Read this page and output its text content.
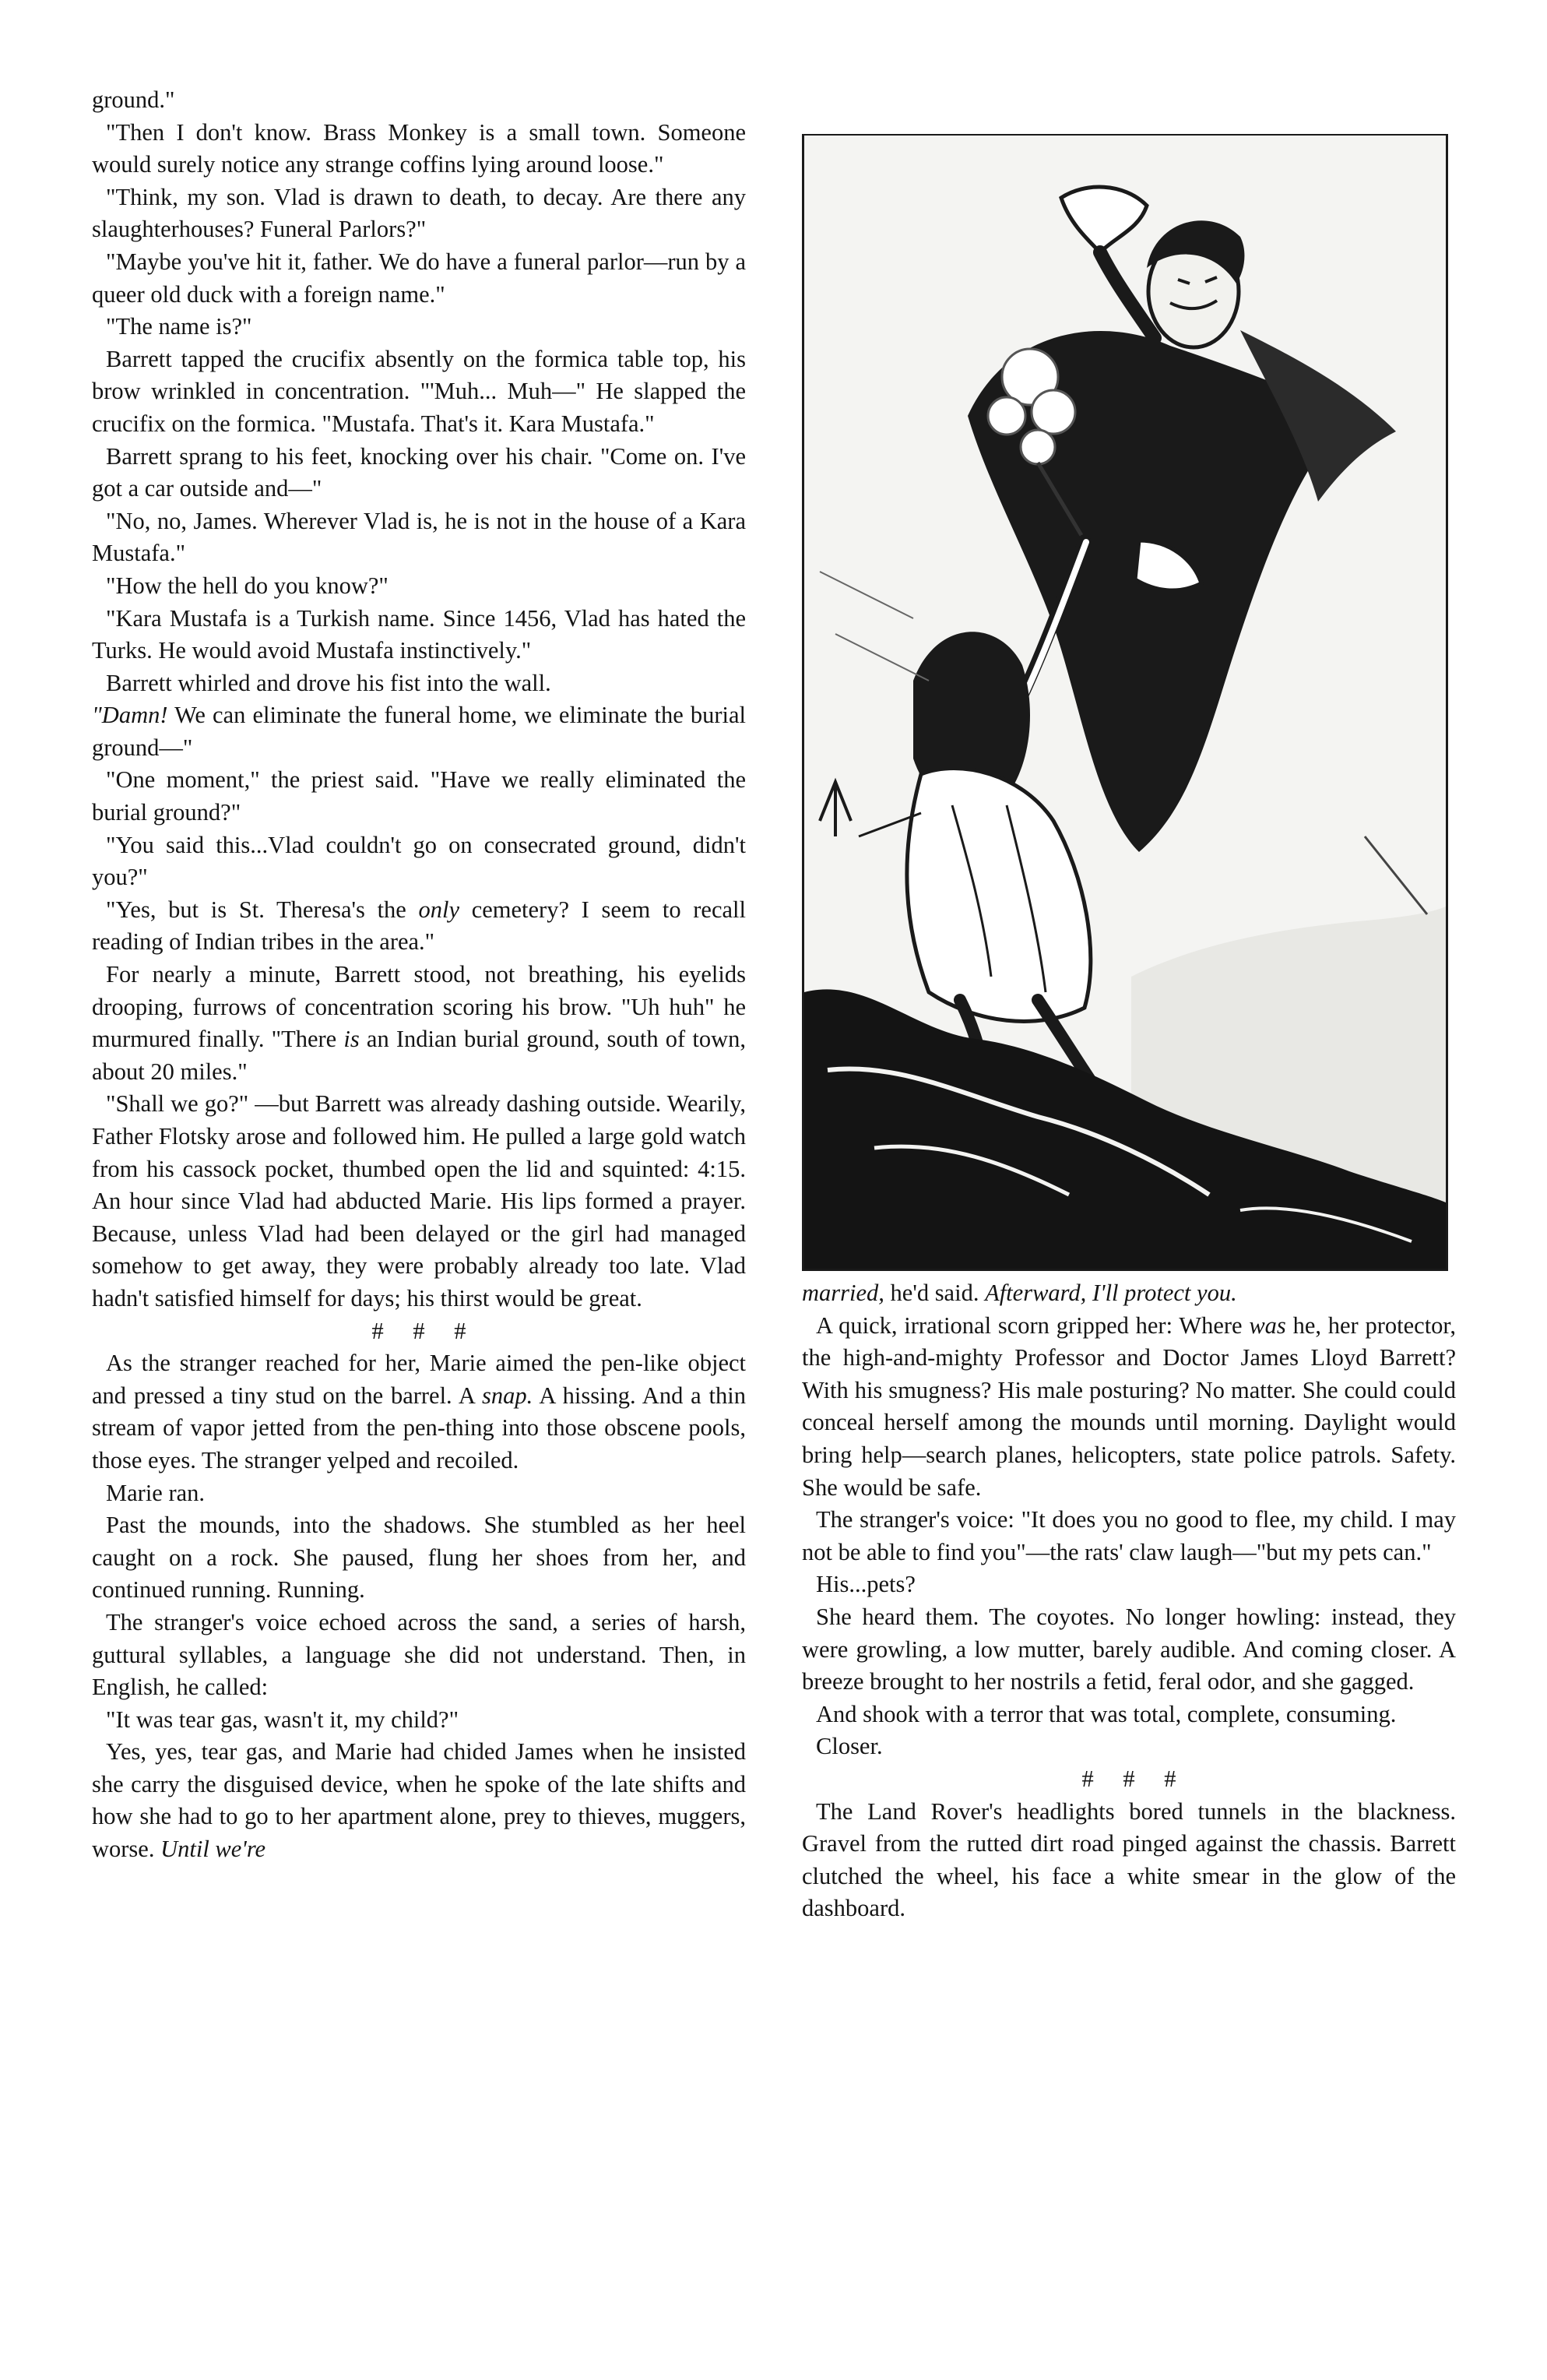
ground."

"Then I don't know. Brass Monkey is a small town. Someone would surely notice any strange coffins lying around loose."

"Think, my son. Vlad is drawn to death, to decay. Are there any slaughterhouses? Funeral Parlors?"

"Maybe you've hit it, father. We do have a funeral parlor—run by a queer old duck with a foreign name."

"The name is?"

Barrett tapped the crucifix absently on the formica table top, his brow wrinkled in concentration. "'Muh... Muh—" He slapped the crucifix on the formica. "Mustafa. That's it. Kara Mustafa."

Barrett sprang to his feet, knocking over his chair. "Come on. I've got a car outside and—"

"No, no, James. Wherever Vlad is, he is not in the house of a Kara Mustafa."

"How the hell do you know?"

"Kara Mustafa is a Turkish name. Since 1456, Vlad has hated the Turks. He would avoid Mustafa instinctively."

Barrett whirled and drove his fist into the wall.

"Damn! We can eliminate the funeral home, we eliminate the burial ground—"

"One moment," the priest said. "Have we really eliminated the burial ground?"

"You said this...Vlad couldn't go on consecrated ground, didn't you?"

"Yes, but is St. Theresa's the only cemetery? I seem to recall reading of Indian tribes in the area."

For nearly a minute, Barrett stood, not breathing, his eyelids drooping, furrows of concentration scoring his brow. "Uh huh" he murmured finally. "There is an Indian burial ground, south of town, about 20 miles."

"Shall we go?" —but Barrett was already dashing outside. Wearily, Father Flotsky arose and followed him. He pulled a large gold watch from his cassock pocket, thumbed open the lid and squinted: 4:15. An hour since Vlad had abducted Marie. His lips formed a prayer. Because, unless Vlad had been delayed or the girl had managed somehow to get away, they were probably already too late. Vlad hadn't satisfied himself for days; his thirst would be great.

# # #

As the stranger reached for her, Marie aimed the pen-like object and pressed a tiny stud on the barrel. A snap. A hissing. And a thin stream of vapor jetted from the pen-thing into those obscene pools, those eyes. The stranger yelped and recoiled.

Marie ran.

Past the mounds, into the shadows. She stumbled as her heel caught on a rock. She paused, flung her shoes from her, and continued running. Running.

The stranger's voice echoed across the sand, a series of harsh, guttural syllables, a language she did not understand. Then, in English, he called:

"It was tear gas, wasn't it, my child?"

Yes, yes, tear gas, and Marie had chided James when he insisted she carry the disguised device, when he spoke of the late shifts and how she had to go to her apartment alone, prey to thieves, muggers, worse. Until we're

married, he'd said. Afterward, I'll protect you.

A quick, irrational scorn gripped her: Where was he, her protector, the high-and-mighty Professor and Doctor James Lloyd Barrett? With his smugness? His male posturing? No matter. She could could conceal herself among the mounds until morning. Daylight would bring help—search planes, helicopters, state police patrols. Safety. She would be safe.

The stranger's voice: "It does you no good to flee, my child. I may not be able to find you"—the rats' claw laugh—"but my pets can."

His...pets?

She heard them. The coyotes. No longer howling: instead, they were growling, a low mutter, barely audible. And coming closer. A breeze brought to her nostrils a fetid, feral odor, and she gagged.

And shook with a terror that was total, complete, consuming.

Closer.

# # #

The Land Rover's headlights bored tunnels in the blackness. Gravel from the rutted dirt road pinged against the chassis. Barrett clutched the wheel, his face a white smear in the glow of the dashboard.
